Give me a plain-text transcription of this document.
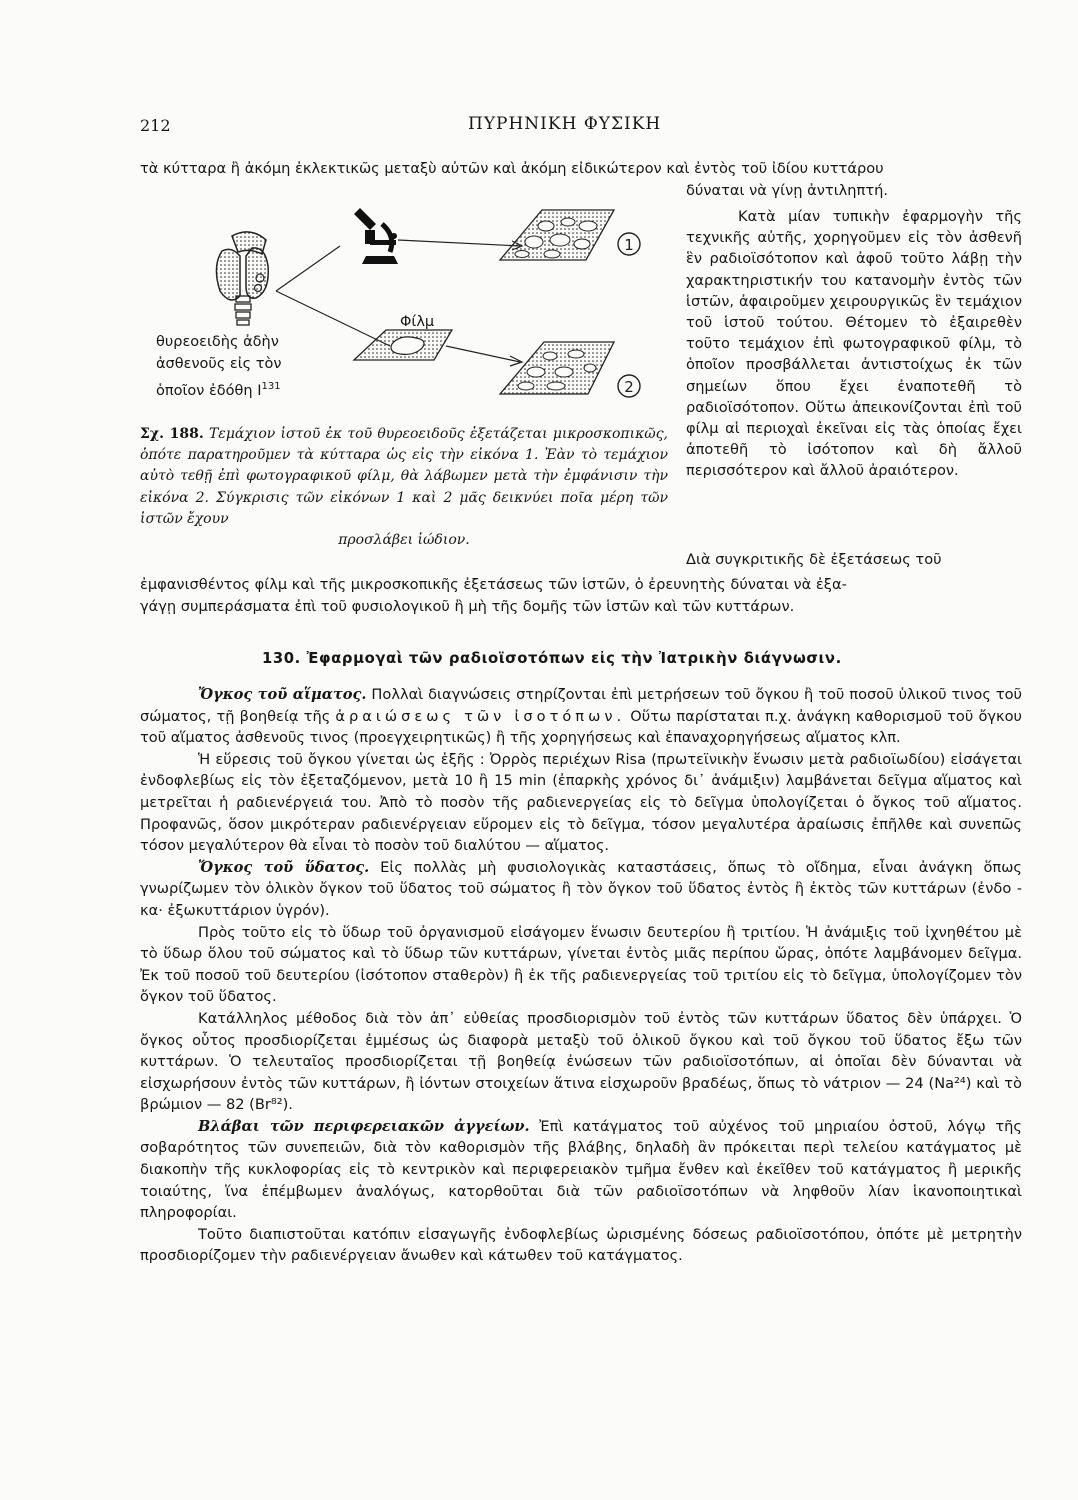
212	ΠΥΡΗΝΙΚΗ ΦΥΣΙΚΗ
τὰ κύτταρα ἢ ἀκόμη ἐκλεκτικῶς μεταξὺ αὐτῶν καὶ ἀκόμη εἰδικώτερον καὶ ἐντὸς τοῦ ἰδίου κυττάρου
δύναται νὰ γίνῃ ἀντιληπτή.

Κατὰ μίαν τυπικὴν ἐφαρμογὴν τῆς τεχνικῆς αὐτῆς, χορηγοῦμεν εἰς τὸν ἀσθενῆ ἓν ραδιοϊσότοπον καὶ ἀφοῦ τοῦτο λάβῃ τὴν χαρακτηριστικήν του κατανομὴν ἐντὸς τῶν ἱστῶν, ἀφαιροῦμεν χειρουργικῶς ἓν τεμάχιον τοῦ ἱστοῦ τούτου. Θέτομεν τὸ ἐξαιρεθὲν τοῦτο τεμάχιον ἐπὶ φωτογραφικοῦ φίλμ, τὸ ὁποῖον προσβάλλεται ἀντιστοίχως ἐκ τῶν σημείων ὅπου ἔχει ἐναποτεθῆ τὸ ραδιοϊσότοπον. Οὕτω ἀπεικονίζονται ἐπὶ τοῦ φίλμ αἱ περιοχαὶ ἐκεῖναι εἰς τὰς ὁποίας ἔχει ἀποτεθῆ τὸ ἰσότοπον καὶ δὴ ἄλλοῦ περισσότερον καὶ ἄλλοῦ ἀραιότερον.

Διὰ συγκριτικῆς δὲ ἐξετάσεως τοῦ

ἐμφανισθέντος φίλμ καὶ τῆς μικροσκοπικῆς ἐξετάσεως τῶν ἱστῶν, ὁ ἐρευνητὴς δύναται νὰ ἐξα-
γάγῃ συμπεράσματα ἐπὶ τοῦ φυσιολογικοῦ ἢ μὴ τῆς δομῆς τῶν ἱστῶν καὶ τῶν κυττάρων.
1
2
Φίλμ
θυρεοειδὴς ἀδὴν
ἀσθενοῦς εἰς τὸν
ὁποῖον ἐδόθη $I^{131}$
Σχ. 188. Τεμάχιον ἱστοῦ ἐκ τοῦ θυρεοειδοῦς ἐξετάζεται μικροσκοπικῶς, ὁπότε παρατηροῦμεν τὰ κύτταρα ὡς εἰς τὴν εἰκόνα 1. Ἐὰν τὸ τεμάχιον αὐτὸ τεθῇ ἐπὶ φωτογραφικοῦ φίλμ, θὰ λάβωμεν μετὰ τὴν ἐμφάνισιν τὴν εἰκόνα 2. Σύγκρισις τῶν εἰκόνων 1 καὶ 2 μᾶς δεικνύει ποῖα μέρη τῶν ἱστῶν ἔχουν
προσλάβει ἰώδιον.
130. Ἐφαρμογαὶ τῶν ραδιοϊσοτόπων εἰς τὴν Ἰατρικὴν διάγνωσιν.

Ὄγκος τοῦ αἵματος. Πολλαὶ διαγνώσεις στηρίζονται ἐπὶ μετρήσεων τοῦ ὄγκου ἢ τοῦ ποσοῦ ὑλικοῦ τινος τοῦ σώματος, τῇ βοηθείᾳ τῆς ἀραιώσεως τῶν ἰσοτόπων. Οὕτω παρίσταται π.χ. ἀνάγκη καθορισμοῦ τοῦ ὄγκου τοῦ αἵματος ἀσθενοῦς τινος (προεγχειρητικῶς) ἢ τῆς χορηγήσεως καὶ ἐπαναχορηγήσεως αἵματος κλπ.

Ἡ εὕρεσις τοῦ ὄγκου γίνεται ὡς ἑξῆς : Ὀρρὸς περιέχων Risa (πρωτεϊνικὴν ἕνωσιν μετὰ ραδιοϊωδίου) εἰσάγεται ἐνδοφλεβίως εἰς τὸν ἐξεταζόμενον, μετὰ 10 ἢ 15 min (ἐπαρκὴς χρόνος δι᾿ ἀνάμιξιν) λαμβάνεται δεῖγμα αἵματος καὶ μετρεῖται ἡ ραδιενέργειά του. Ἀπὸ τὸ ποσὸν τῆς ραδιενεργείας εἰς τὸ δεῖγμα ὑπολογίζεται ὁ ὄγκος τοῦ αἵματος. Προφανῶς, ὅσον μικρότεραν ραδιενέργειαν εὕρομεν εἰς τὸ δεῖγμα, τόσον μεγαλυτέρα ἀραίωσις ἐπῆλθε καὶ συνεπῶς τόσον μεγαλύτερον θὰ εἶναι τὸ ποσὸν τοῦ διαλύτου — αἵματος.

Ὄγκος τοῦ ὕδατος. Εἰς πολλὰς μὴ φυσιολογικὰς καταστάσεις, ὅπως τὸ οἴδημα, εἶναι ἀνάγκη ὅπως γνωρίζωμεν τὸν ὁλικὸν ὄγκον τοῦ ὕδατος τοῦ σώματος ἢ τὸν ὄγκον τοῦ ὕδατος ἐντὸς ἢ ἐκτὸς τῶν κυττάρων (ἐνδο - κα· ἐξωκυττάριον ὑγρόν).

Πρὸς τοῦτο εἰς τὸ ὕδωρ τοῦ ὀργανισμοῦ εἰσάγομεν ἕνωσιν δευτερίου ἢ τριτίου. Ἡ ἀνάμιξις τοῦ ἰχνηθέτου μὲ τὸ ὕδωρ ὅλου τοῦ σώματος καὶ τὸ ὕδωρ τῶν κυττάρων, γίνεται ἐντὸς μιᾶς περίπου ὥρας, ὁπότε λαμβάνομεν δεῖγμα. Ἐκ τοῦ ποσοῦ τοῦ δευτερίου (ἰσότοπον σταθερὸν) ἢ ἐκ τῆς ραδιενεργείας τοῦ τριτίου εἰς τὸ δεῖγμα, ὑπολογίζομεν τὸν ὄγκον τοῦ ὕδατος.

Κατάλληλος μέθοδος διὰ τὸν ἀπ᾿ εὐθείας προσδιορισμὸν τοῦ ἐντὸς τῶν κυττάρων ὕδατος δὲν ὑπάρχει. Ὁ ὄγκος οὗτος προσδιορίζεται ἐμμέσως ὡς διαφορὰ μεταξὺ τοῦ ὁλικοῦ ὄγκου καὶ τοῦ ὄγκου τοῦ ὕδατος ἔξω τῶν κυττάρων. Ὁ τελευταῖος προσδιορίζεται τῇ βοηθείᾳ ἐνώσεων τῶν ραδιοϊσοτόπων, αἱ ὁποῖαι δὲν δύνανται νὰ εἰσχωρήσουν ἐντὸς τῶν κυττάρων, ἢ ἰόντων στοιχείων ἅτινα εἰσχωροῦν βραδέως, ὅπως τὸ νάτριον — 24 (Na²⁴) καὶ τὸ βρώμιον — 82 (Br⁸²).

Βλάβαι τῶν περιφερειακῶν ἀγγείων. Ἐπὶ κατάγματος τοῦ αὐχένος τοῦ μηριαίου ὀστοῦ, λόγῳ τῆς σοβαρότητος τῶν συνεπειῶν, διὰ τὸν καθορισμὸν τῆς βλάβης, δηλαδὴ ἂν πρόκειται περὶ τελείου κατάγματος μὲ διακοπὴν τῆς κυκλοφορίας εἰς τὸ κεντρικὸν καὶ περιφερειακὸν τμῆμα ἔνθεν καὶ ἐκεῖθεν τοῦ κατάγματος ἢ μερικῆς τοιαύτης, ἵνα ἐπέμβωμεν ἀναλόγως, κατορθοῦται διὰ τῶν ραδιοϊσοτόπων νὰ ληφθοῦν λίαν ἱκανοποιητικαὶ πληροφορίαι.

Τοῦτο διαπιστοῦται κατόπιν εἰσαγωγῆς ἐνδοφλεβίως ὡρισμένης δόσεως ραδιοϊσοτόπου, ὁπότε μὲ μετρητὴν προσδιορίζομεν τὴν ραδιενέργειαν ἄνωθεν καὶ κάτωθεν τοῦ κατάγματος.
